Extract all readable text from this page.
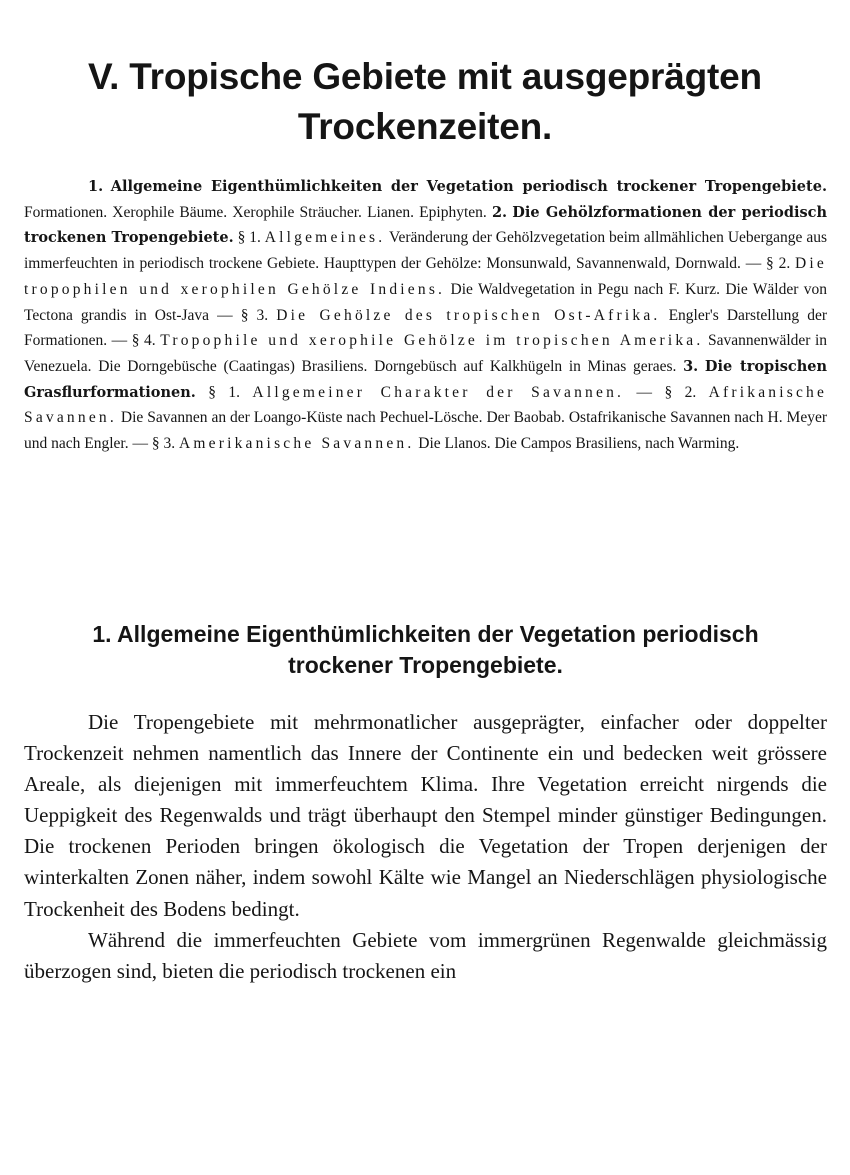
V. Tropische Gebiete mit ausgeprägten
Trockenzeiten.
1. Allgemeine Eigenthümlichkeiten der Vegetation periodisch trockener Tropengebiete. Formationen. Xerophile Bäume. Xerophile Sträucher. Lianen. Epiphyten. 2. Die Gehölzformationen der periodisch trockenen Tropengebiete. § 1. Allgemeines. Veränderung der Gehölzvegetation beim allmählichen Uebergange aus immerfeuchten in periodisch trockene Gebiete. Haupttypen der Gehölze: Monsunwald, Savannenwald, Dornwald. — § 2. Die tropophilen und xerophilen Gehölze Indiens. Die Waldvegetation in Pegu nach F. Kurz. Die Wälder von Tectona grandis in Ost-Java — § 3. Die Gehölze des tropischen Ost-Afrika. Engler's Darstellung der Formationen. — § 4. Tropophile und xerophile Gehölze im tropischen Amerika. Savannenwälder in Venezuela. Die Dorngebüsche (Caatingas) Brasiliens. Dorngebüsch auf Kalkhügeln in Minas geraes. 3. Die tropischen Grasflurformationen. § 1. Allgemeiner Charakter der Savannen. — § 2. Afrikanische Savannen. Die Savannen an der Loango-Küste nach Pechuel-Lösche. Der Baobab. Ostafrikanische Savannen nach H. Meyer und nach Engler. — § 3. Amerikanische Savannen. Die Llanos. Die Campos Brasiliens, nach Warming.
1. Allgemeine Eigenthümlichkeiten der Vegetation periodisch
trockener Tropengebiete.

Die Tropengebiete mit mehrmonatlicher ausgeprägter, einfacher oder doppelter Trockenzeit nehmen namentlich das Innere der Continente ein und bedecken weit grössere Areale, als diejenigen mit immerfeuchtem Klima. Ihre Vegetation erreicht nirgends die Ueppigkeit des Regenwalds und trägt überhaupt den Stempel minder günstiger Bedingungen. Die trockenen Perioden bringen ökologisch die Vegetation der Tropen derjenigen der winterkalten Zonen näher, indem sowohl Kälte wie Mangel an Niederschlägen physiologische Trockenheit des Bodens bedingt.

Während die immerfeuchten Gebiete vom immergrünen Regenwalde gleichmässig überzogen sind, bieten die periodisch trockenen ein
